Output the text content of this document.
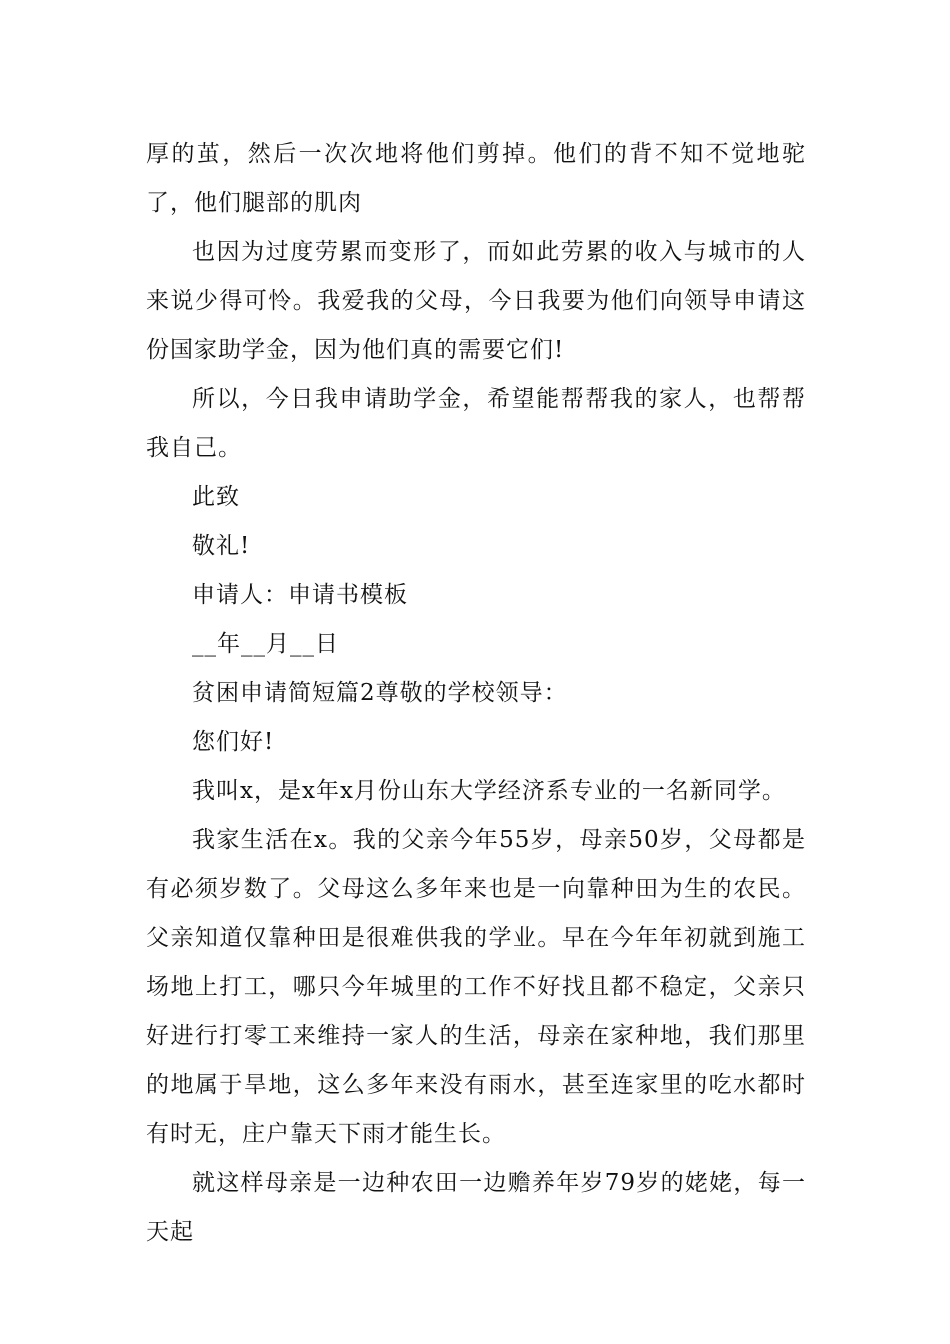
厚的茧，然后一次次地将他们剪掉。他们的背不知不觉地驼了，他们腿部的肌肉

也因为过度劳累而变形了，而如此劳累的收入与城市的人来说少得可怜。我爱我的父母，今日我要为他们向领导申请这份国家助学金，因为他们真的需要它们!

所以，今日我申请助学金，希望能帮帮我的家人，也帮帮我自己。

此致

敬礼!

申请人：申请书模板

__年__月__日

贫困申请简短篇2尊敬的学校领导：

您们好!

我叫x，是x年x月份山东大学经济系专业的一名新同学。

我家生活在x。我的父亲今年55岁，母亲50岁，父母都是有必须岁数了。父母这么多年来也是一向靠种田为生的农民。父亲知道仅靠种田是很难供我的学业。早在今年年初就到施工场地上打工，哪只今年城里的工作不好找且都不稳定，父亲只好进行打零工来维持一家人的生活，母亲在家种地，我们那里的地属于旱地，这么多年来没有雨水，甚至连家里的吃水都时有时无，庄户靠天下雨才能生长。

就这样母亲是一边种农田一边赡养年岁79岁的姥姥，每一天起
